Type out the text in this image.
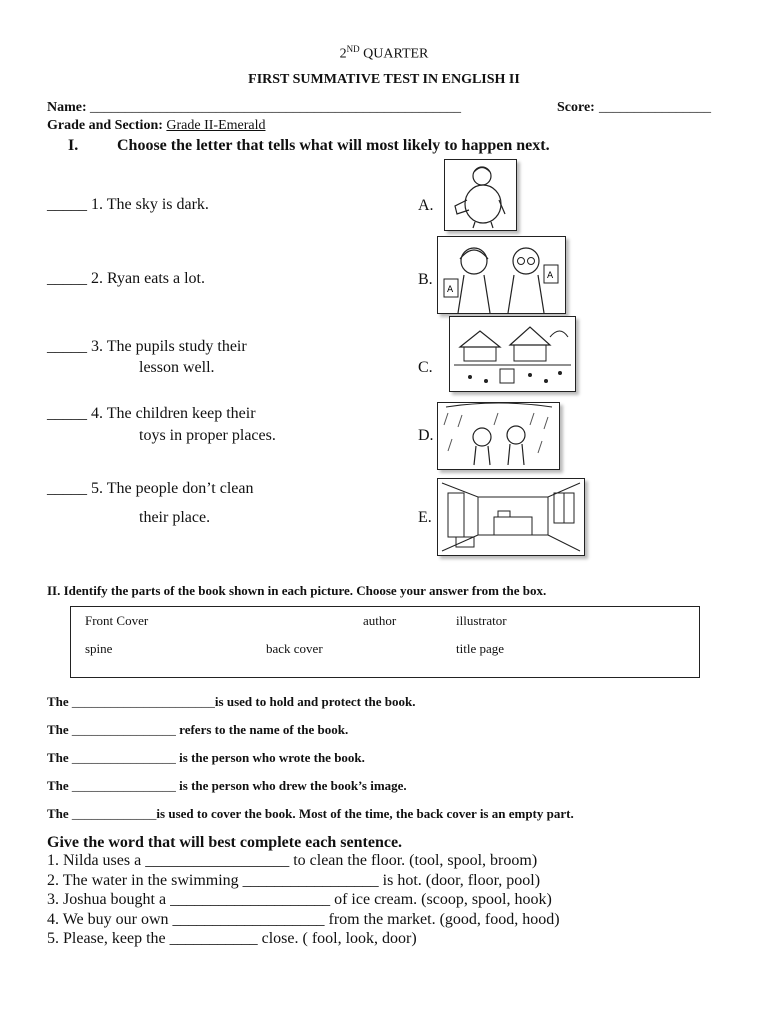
2ND QUARTER
FIRST SUMMATIVE TEST IN ENGLISH II
Name: _____________________________________________________	Score: ________________
Grade and Section: Grade II-Emerald
I. Choose the letter that tells what will most likely to happen next.
_____ 1. The sky is dark.
_____ 2. Ryan eats a lot.
_____ 3. The pupils study their
lesson well.
_____ 4. The children keep their
toys in proper places.
_____ 5. The people don’t clean
their place.
A.
B.
C.
D.
E.
A
A
II. Identify the parts of the book shown in each picture. Choose your answer from the box.
Front Cover	author	illustrator
spine	back cover	title page
The ______________________is used to hold and protect the book.
The ________________ refers to the name of the book.
The ________________ is the person who wrote the book.
The ________________ is the person who drew the book’s image.
The _____________is used to cover the book. Most of the time, the back cover is an empty part.
Give the word that will best complete each sentence.
1. Nilda uses a __________________ to clean the floor. (tool, spool, broom)
2. The water in the swimming _________________ is hot. (door, floor, pool)
3. Joshua bought a ____________________ of ice cream. (scoop, spool, hook)
4. We buy our own ___________________ from the market. (good, food, hood)
5. Please, keep the ___________ close. ( fool, look, door)
